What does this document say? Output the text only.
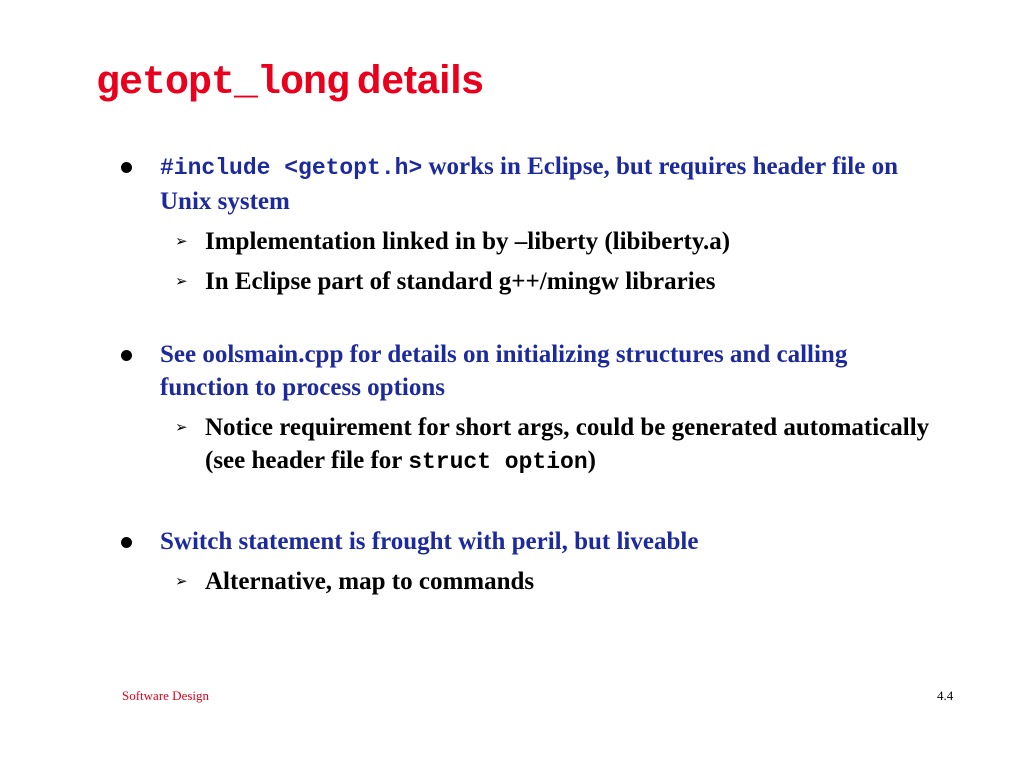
getopt_long details
#include <getopt.h> works in Eclipse, but requires header file on Unix system
➢ Implementation linked in by –liberty (libiberty.a)
➢ In Eclipse part of standard g++/mingw libraries
See oolsmain.cpp for details on initializing structures and calling function to process options
➢ Notice requirement for short args, could be generated automatically (see header file for struct option)
Switch statement is frought with peril, but liveable
➢ Alternative, map to commands
Software Design	4.4
